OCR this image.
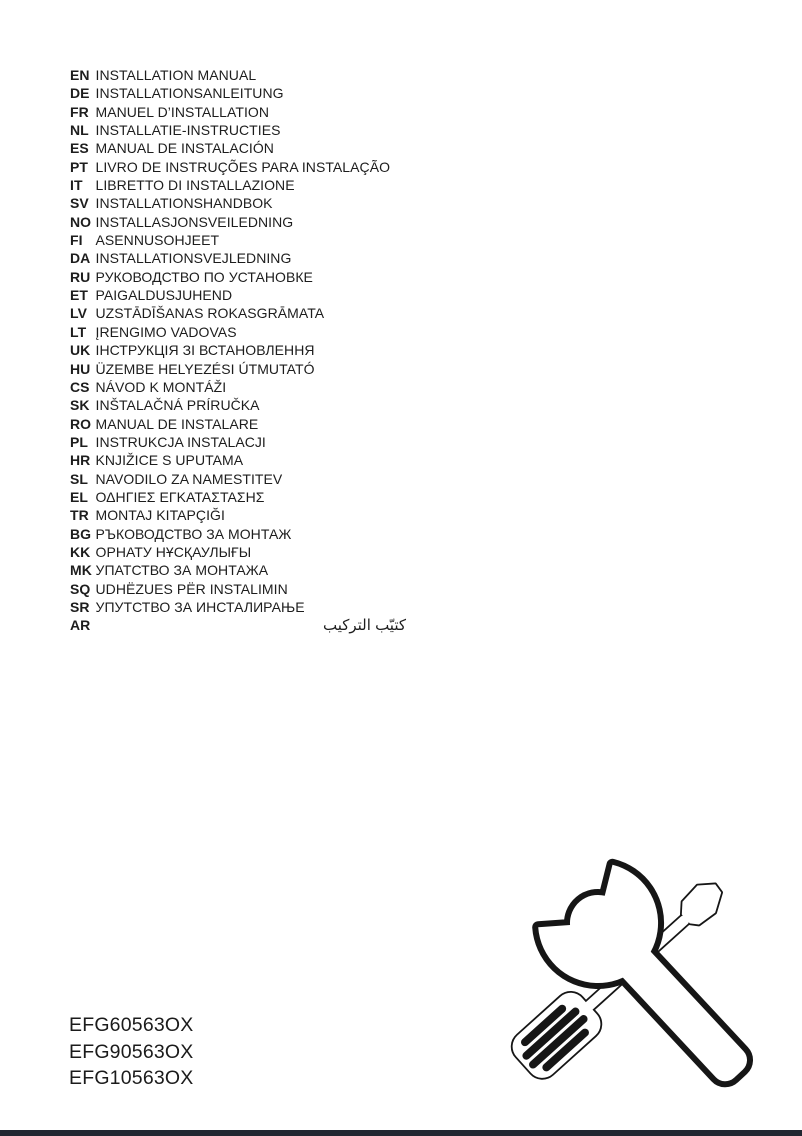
EN INSTALLATION MANUAL
DE INSTALLATIONSANLEITUNG
FR MANUEL D’INSTALLATION
NL INSTALLATIE-INSTRUCTIES
ES MANUAL DE INSTALACIÓN
PT LIVRO DE INSTRUÇÕES PARA INSTALAÇÃO
IT LIBRETTO DI INSTALLAZIONE
SV INSTALLATIONSHANDBOK
NO INSTALLASJONSVEILEDNING
FI ASENNUSOHJEET
DA INSTALLATIONSVEJLEDNING
RU РУКОВОДСТВО ПО УСТАНОВКЕ
ET PAIGALDUSJUHEND
LV UZSTĀDĪŠANAS ROKASGRĀMATA
LT ĮRENGIMO VADOVAS
UK ІНСТРУКЦІЯ ЗІ ВСТАНОВЛЕННЯ
HU ÜZEMBE HELYEZÉSI ÚTMUTATÓ
CS NÁVOD K MONTÁŽI
SK INŠTALAČNÁ PRÍRUČKA
RO MANUAL DE INSTALARE
PL INSTRUKCJA INSTALACJI
HR KNJIŽICE S UPUTAMA
SL NAVODILO ZA NAMESTITEV
EL ΟΔΗΓΙΕΣ ΕΓΚΑΤΑΣΤΑΣΗΣ
TR MONTAJ KITAPÇIĞI
BG РЪКОВОДСТВО ЗА МОНТАЖ
KK ОРНАТУ НҰСҚАУЛЫҒЫ
MK УПАТСТВО ЗА МОНТАЖА
SQ UDHËZUES PËR INSTALIMIN
SR УПУТСТВО ЗА ИНСТАЛИРАЊЕ
AR	كتيّب التركيب
EFG60563OX
EFG90563OX
EFG10563OX
